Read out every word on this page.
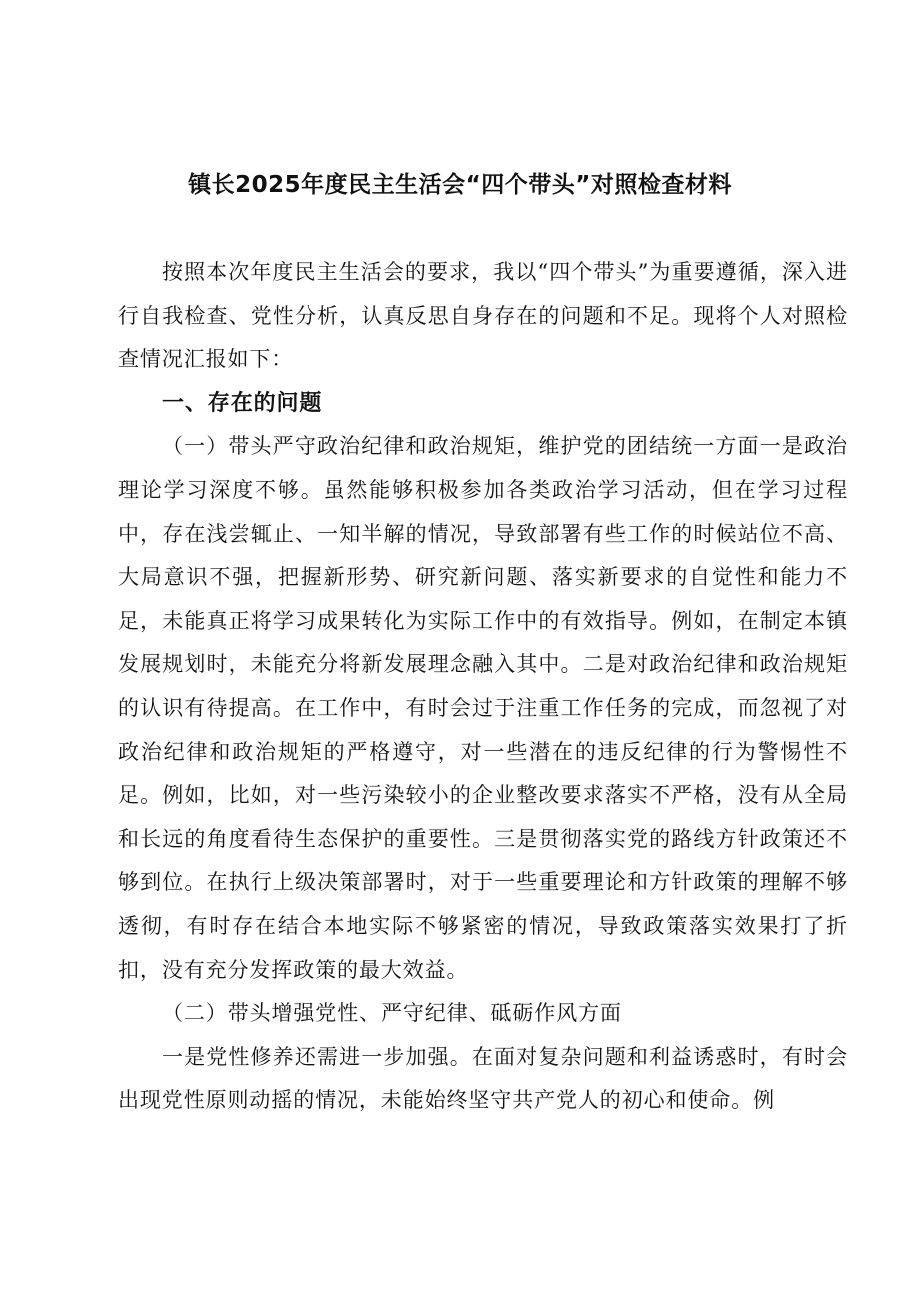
镇长2025年度民主生活会“四个带头”对照检查材料

按照本次年度民主生活会的要求，我以“四个带头”为重要遵循，深入进行自我检查、党性分析，认真反思自身存在的问题和不足。现将个人对照检查情况汇报如下：

一、存在的问题

（一）带头严守政治纪律和政治规矩，维护党的团结统一方面一是政治理论学习深度不够。虽然能够积极参加各类政治学习活动，但在学习过程中，存在浅尝辄止、一知半解的情况，导致部署有些工作的时候站位不高、大局意识不强，把握新形势、研究新问题、落实新要求的自觉性和能力不足，未能真正将学习成果转化为实际工作中的有效指导。例如，在制定本镇发展规划时，未能充分将新发展理念融入其中。二是对政治纪律和政治规矩的认识有待提高。在工作中，有时会过于注重工作任务的完成，而忽视了对政治纪律和政治规矩的严格遵守，对一些潜在的违反纪律的行为警惕性不足。例如，比如，对一些污染较小的企业整改要求落实不严格，没有从全局和长远的角度看待生态保护的重要性。三是贯彻落实党的路线方针政策还不够到位。在执行上级决策部署时，对于一些重要理论和方针政策的理解不够透彻，有时存在结合本地实际不够紧密的情况，导致政策落实效果打了折扣，没有充分发挥政策的最大效益。

（二）带头增强党性、严守纪律、砥砺作风方面

一是党性修养还需进一步加强。在面对复杂问题和利益诱惑时，有时会出现党性原则动摇的情况，未能始终坚守共产党人的初心和使命。例
